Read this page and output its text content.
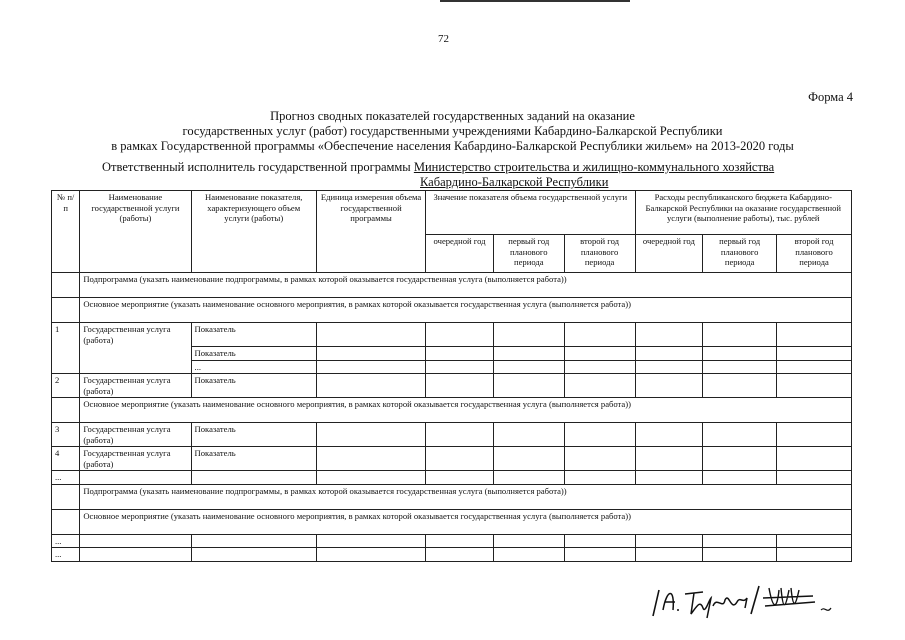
72
Форма 4
Прогноз сводных показателей государственных заданий на оказание
государственных услуг (работ) государственными учреждениями Кабардино-Балкарской Республики
в рамках Государственной программы «Обеспечение населения Кабардино-Балкарской Республики жильем» на 2013-2020 годы
Ответственный исполнитель государственной программы Министерство строительства и жилищно-коммунального хозяйства
Кабардино-Балкарской Республики
№ п/п	Наименование государственной услуги (работы)	Наименование показателя, характеризующего объем услуги (работы)	Единица измерения объема государственной программы	Значение показателя объема государственной услуги			Расходы республиканского бюджета Кабардино-Балкарской Республики на оказание государственной услуги (выполнение работы), тыс. рублей		
				очередной год	первый год планового периода	второй год планового периода	очередной год	первый год планового периода	второй год планового периода
	Подпрограмма (указать наименование подпрограммы, в рамках которой оказывается государственная услуга (выполняется работа))								
	Основное мероприятие (указать наименование основного мероприятия, в рамках которой оказывается государственная услуга (выполняется работа))								
1	Государственная услуга (работа)	Показатель							
		Показатель							
		...							
2	Государственная услуга (работа)	Показатель							
	Основное мероприятие (указать наименование основного мероприятия, в рамках которой оказывается государственная услуга (выполняется работа))								
3	Государственная услуга (работа)	Показатель							
4	Государственная услуга (работа)	Показатель							
...									
	Подпрограмма (указать наименование подпрограммы, в рамках которой оказывается государственная услуга (выполняется работа))								
	Основное мероприятие (указать наименование основного мероприятия, в рамках которой оказывается государственная услуга (выполняется работа))								
...									
...									
